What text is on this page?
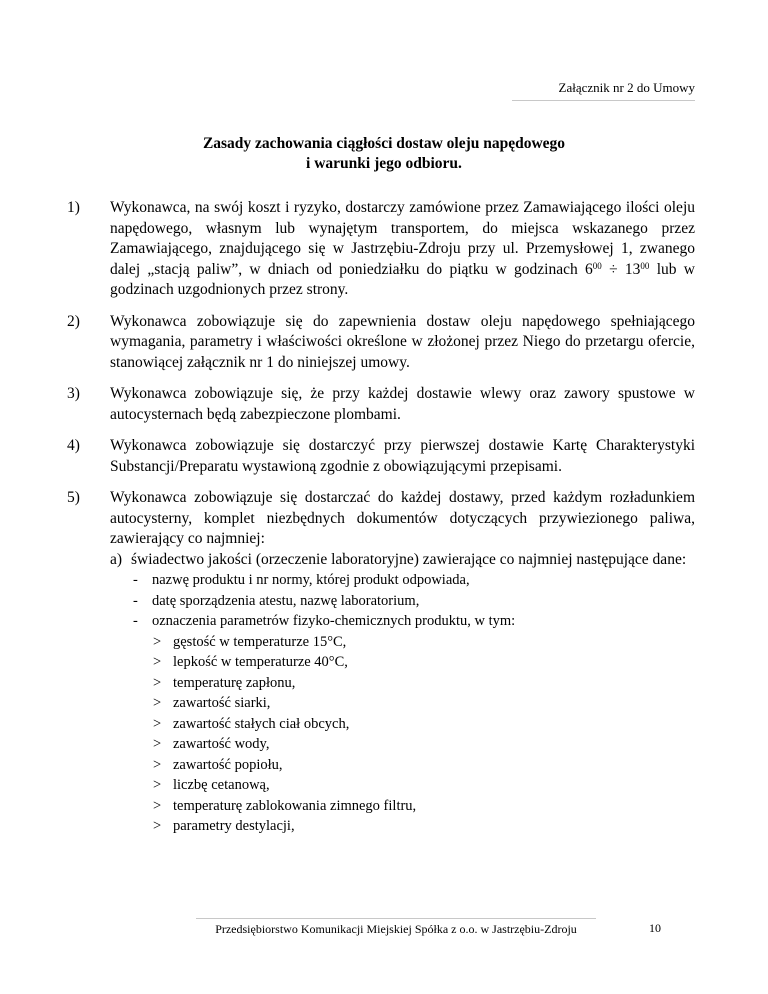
Załącznik nr 2 do Umowy
Zasady zachowania ciągłości dostaw oleju napędowego
i warunki jego odbioru.
1) Wykonawca, na swój koszt i ryzyko, dostarczy zamówione przez Zamawiającego ilości oleju napędowego, własnym lub wynajętym transportem, do miejsca wskazanego przez Zamawiającego, znajdującego się w Jastrzębiu-Zdroju przy ul. Przemysłowej 1, zwanego dalej „stacją paliw”, w dniach od poniedziałku do piątku w godzinach $6^{00} \div 13^{00}$ lub w godzinach uzgodnionych przez strony.
2) Wykonawca zobowiązuje się do zapewnienia dostaw oleju napędowego spełniającego wymagania, parametry i właściwości określone w złożonej przez Niego do przetargu ofercie, stanowiącej załącznik nr 1 do niniejszej umowy.
3) Wykonawca zobowiązuje się, że przy każdej dostawie wlewy oraz zawory spustowe w autocysternach będą zabezpieczone plombami.
4) Wykonawca zobowiązuje się dostarczyć przy pierwszej dostawie Kartę Charakterystyki Substancji/Preparatu wystawioną zgodnie z obowiązującymi przepisami.
5) Wykonawca zobowiązuje się dostarczać do każdej dostawy, przed każdym rozładunkiem autocysterny, komplet niezbędnych dokumentów dotyczących przywiezionego paliwa, zawierający co najmniej:
a) świadectwo jakości (orzeczenie laboratoryjne) zawierające co najmniej następujące dane:
- nazwę produktu i nr normy, której produkt odpowiada,
- datę sporządzenia atestu, nazwę laboratorium,
- oznaczenia parametrów fizyko-chemicznych produktu, w tym:
> gęstość w temperaturze 15°C,
> lepkość w temperaturze 40°C,
> temperaturę zapłonu,
> zawartość siarki,
> zawartość stałych ciał obcych,
> zawartość wody,
> zawartość popiołu,
> liczbę cetanową,
> temperaturę zablokowania zimnego filtru,
> parametry destylacji,
Przedsiębiorstwo Komunikacji Miejskiej Spółka z o.o. w Jastrzębiu-Zdroju	10
